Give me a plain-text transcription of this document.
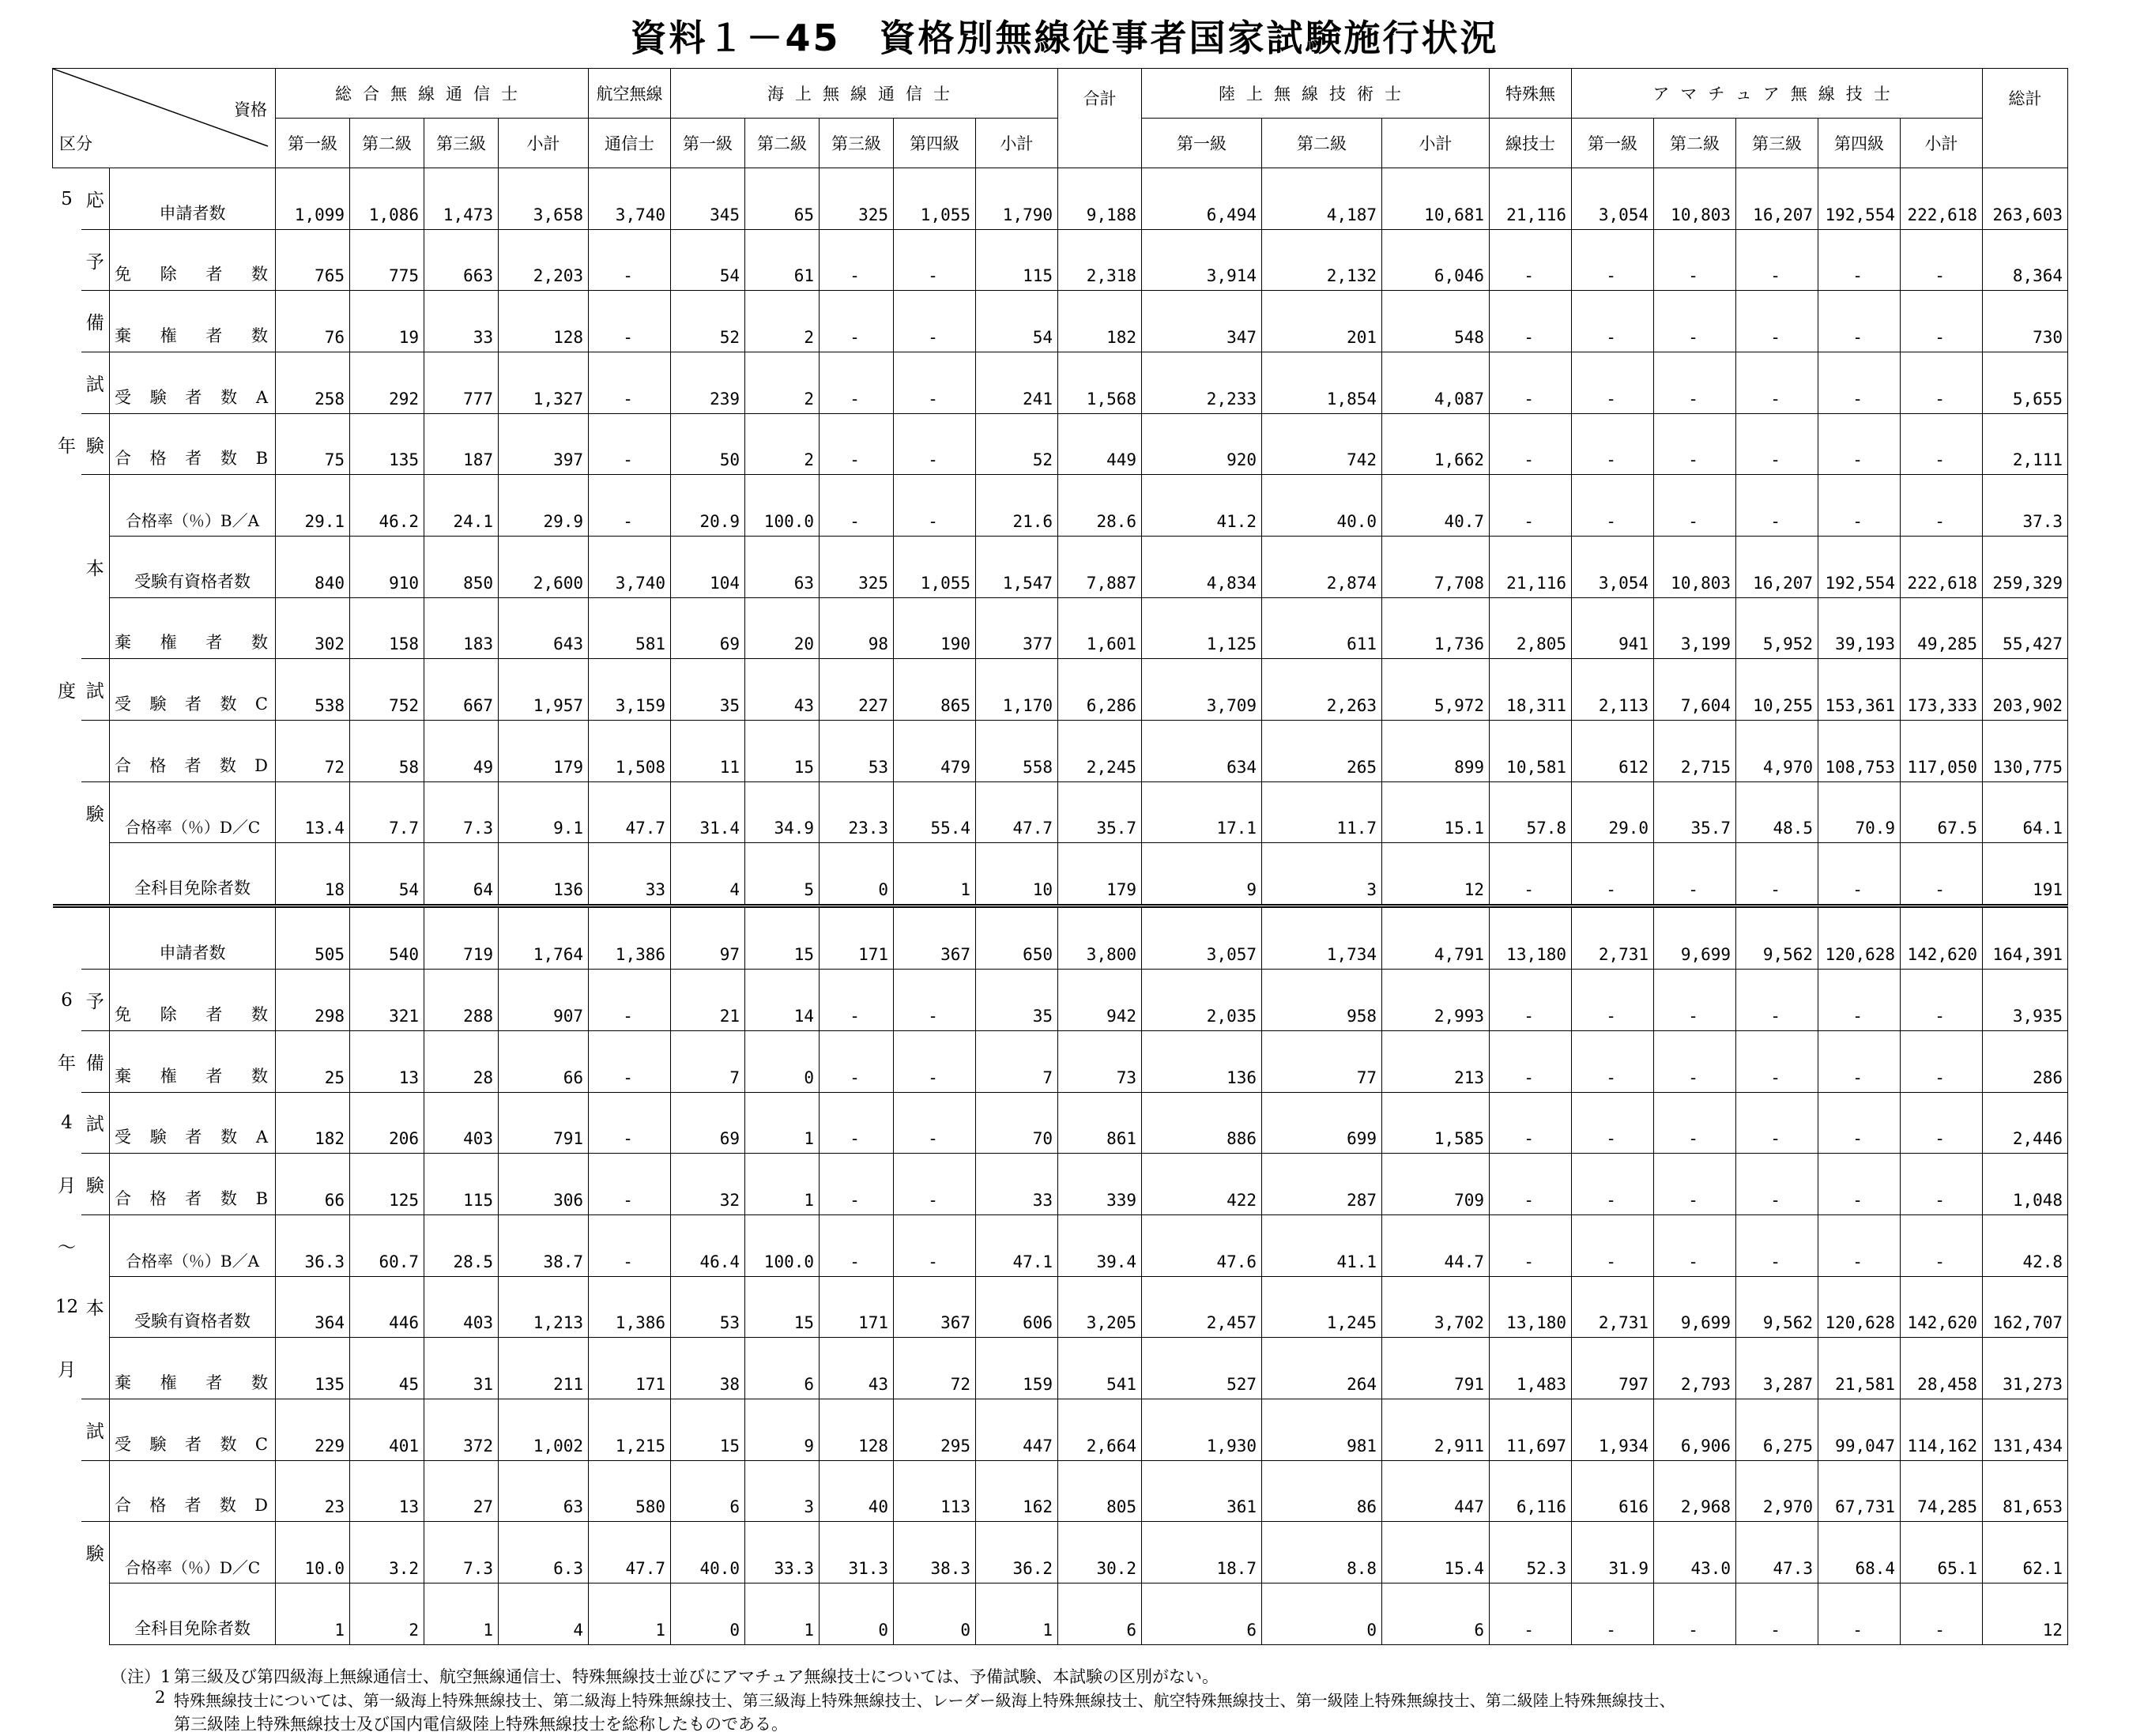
資料１－45　資格別無線従事者国家試験施行状況
資格
区分			総合無線通信士				航空無線	海上無線通信士					合計	陸上無線技術士			特殊無	アマチュア無線技士					総計
			第一級	第二級	第三級	小計	通信士	第一級	第二級	第三級	第四級	小計		第一級	第二級	小計	線技士	第一級	第二級	第三級	第四級	小計	
5	応	申請者数	1,099	1,086	1,473	3,658	3,740	345	65	325	1,055	1,790	9,188	6,494	4,187	10,681	21,116	3,054	10,803	16,207	192,554	222,618	263,603
	予	免除者数	765	775	663	2,203	-	54	61	-	-	115	2,318	3,914	2,132	6,046	-	-	-	-	-	-	8,364
	備	棄権者数	76	19	33	128	-	52	2	-	-	54	182	347	201	548	-	-	-	-	-	-	730
	試	受験者数A	258	292	777	1,327	-	239	2	-	-	241	1,568	2,233	1,854	4,087	-	-	-	-	-	-	5,655
年	験	合格者数B	75	135	187	397	-	50	2	-	-	52	449	920	742	1,662	-	-	-	-	-	-	2,111
		合格率（％）B／A	29.1	46.2	24.1	29.9	-	20.9	100.0	-	-	21.6	28.6	41.2	40.0	40.7	-	-	-	-	-	-	37.3
	本	受験有資格者数	840	910	850	2,600	3,740	104	63	325	1,055	1,547	7,887	4,834	2,874	7,708	21,116	3,054	10,803	16,207	192,554	222,618	259,329
		棄権者数	302	158	183	643	581	69	20	98	190	377	1,601	1,125	611	1,736	2,805	941	3,199	5,952	39,193	49,285	55,427
度	試	受験者数C	538	752	667	1,957	3,159	35	43	227	865	1,170	6,286	3,709	2,263	5,972	18,311	2,113	7,604	10,255	153,361	173,333	203,902
		合格者数D	72	58	49	179	1,508	11	15	53	479	558	2,245	634	265	899	10,581	612	2,715	4,970	108,753	117,050	130,775
	験	合格率（％）D／C	13.4	7.7	7.3	9.1	47.7	31.4	34.9	23.3	55.4	47.7	35.7	17.1	11.7	15.1	57.8	29.0	35.7	48.5	70.9	67.5	64.1
		全科目免除者数	18	54	64	136	33	4	5	0	1	10	179	9	3	12	-	-	-	-	-	-	191
		申請者数	505	540	719	1,764	1,386	97	15	171	367	650	3,800	3,057	1,734	4,791	13,180	2,731	9,699	9,562	120,628	142,620	164,391
6	予	免除者数	298	321	288	907	-	21	14	-	-	35	942	2,035	958	2,993	-	-	-	-	-	-	3,935
年	備	棄権者数	25	13	28	66	-	7	0	-	-	7	73	136	77	213	-	-	-	-	-	-	286
4	試	受験者数A	182	206	403	791	-	69	1	-	-	70	861	886	699	1,585	-	-	-	-	-	-	2,446
月	験	合格者数B	66	125	115	306	-	32	1	-	-	33	339	422	287	709	-	-	-	-	-	-	1,048
〜		合格率（％）B／A	36.3	60.7	28.5	38.7	-	46.4	100.0	-	-	47.1	39.4	47.6	41.1	44.7	-	-	-	-	-	-	42.8
12	本	受験有資格者数	364	446	403	1,213	1,386	53	15	171	367	606	3,205	2,457	1,245	3,702	13,180	2,731	9,699	9,562	120,628	142,620	162,707
月		棄権者数	135	45	31	211	171	38	6	43	72	159	541	527	264	791	1,483	797	2,793	3,287	21,581	28,458	31,273
	試	受験者数C	229	401	372	1,002	1,215	15	9	128	295	447	2,664	1,930	981	2,911	11,697	1,934	6,906	6,275	99,047	114,162	131,434
		合格者数D	23	13	27	63	580	6	3	40	113	162	805	361	86	447	6,116	616	2,968	2,970	67,731	74,285	81,653
	験	合格率（％）D／C	10.0	3.2	7.3	6.3	47.7	40.0	33.3	31.3	38.3	36.2	30.2	18.7	8.8	15.4	52.3	31.9	43.0	47.3	68.4	65.1	62.1
		全科目免除者数	1	2	1	4	1	0	1	0	0	1	6	6	0	6	-	-	-	-	-	-	12
（注）1 第三級及び第四級海上無線通信士、航空無線通信士、特殊無線技士並びにアマチュア無線技士については、予備試験、本試験の区別がない。
2 特殊無線技士については、第一級海上特殊無線技士、第二級海上特殊無線技士、第三級海上特殊無線技士、レーダー級海上特殊無線技士、航空特殊無線技士、第一級陸上特殊無線技士、第二級陸上特殊無線技士、
第三級陸上特殊無線技士及び国内電信級陸上特殊無線技士を総称したものである。
